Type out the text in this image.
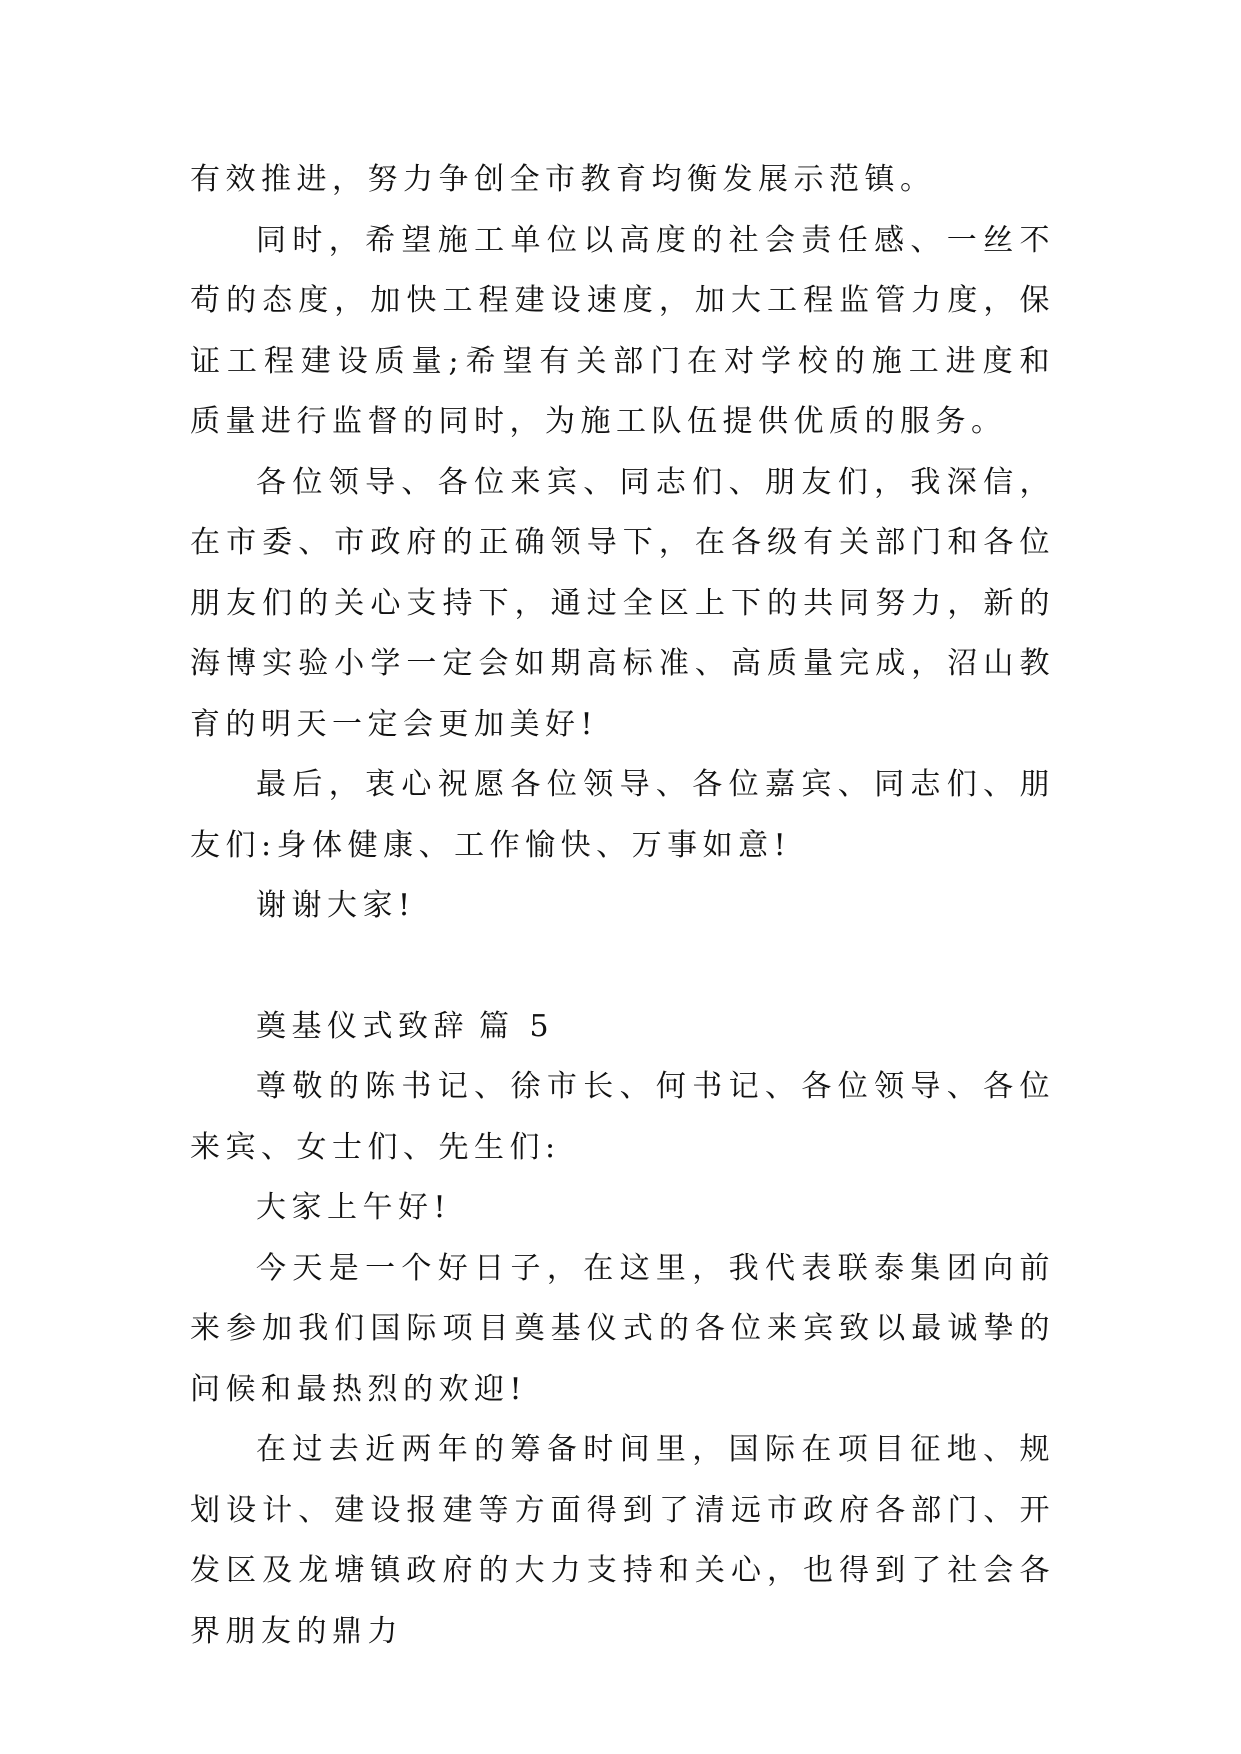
有效推进，努力争创全市教育均衡发展示范镇。

同时，希望施工单位以高度的社会责任感、一丝不苟的态度，加快工程建设速度，加大工程监管力度，保证工程建设质量;希望有关部门在对学校的施工进度和质量进行监督的同时，为施工队伍提供优质的服务。

各位领导、各位来宾、同志们、朋友们，我深信，在市委、市政府的正确领导下，在各级有关部门和各位朋友们的关心支持下，通过全区上下的共同努力，新的海博实验小学一定会如期高标准、高质量完成，沼山教育的明天一定会更加美好!

最后，衷心祝愿各位领导、各位嘉宾、同志们、朋友们:身体健康、工作愉快、万事如意!

谢谢大家!

奠基仪式致辞 篇 5

尊敬的陈书记、徐市长、何书记、各位领导、各位来宾、女士们、先生们:

大家上午好!

今天是一个好日子，在这里，我代表联泰集团向前来参加我们国际项目奠基仪式的各位来宾致以最诚挚的问候和最热烈的欢迎!

在过去近两年的筹备时间里，国际在项目征地、规划设计、建设报建等方面得到了清远市政府各部门、开发区及龙塘镇政府的大力支持和关心，也得到了社会各界朋友的鼎力
